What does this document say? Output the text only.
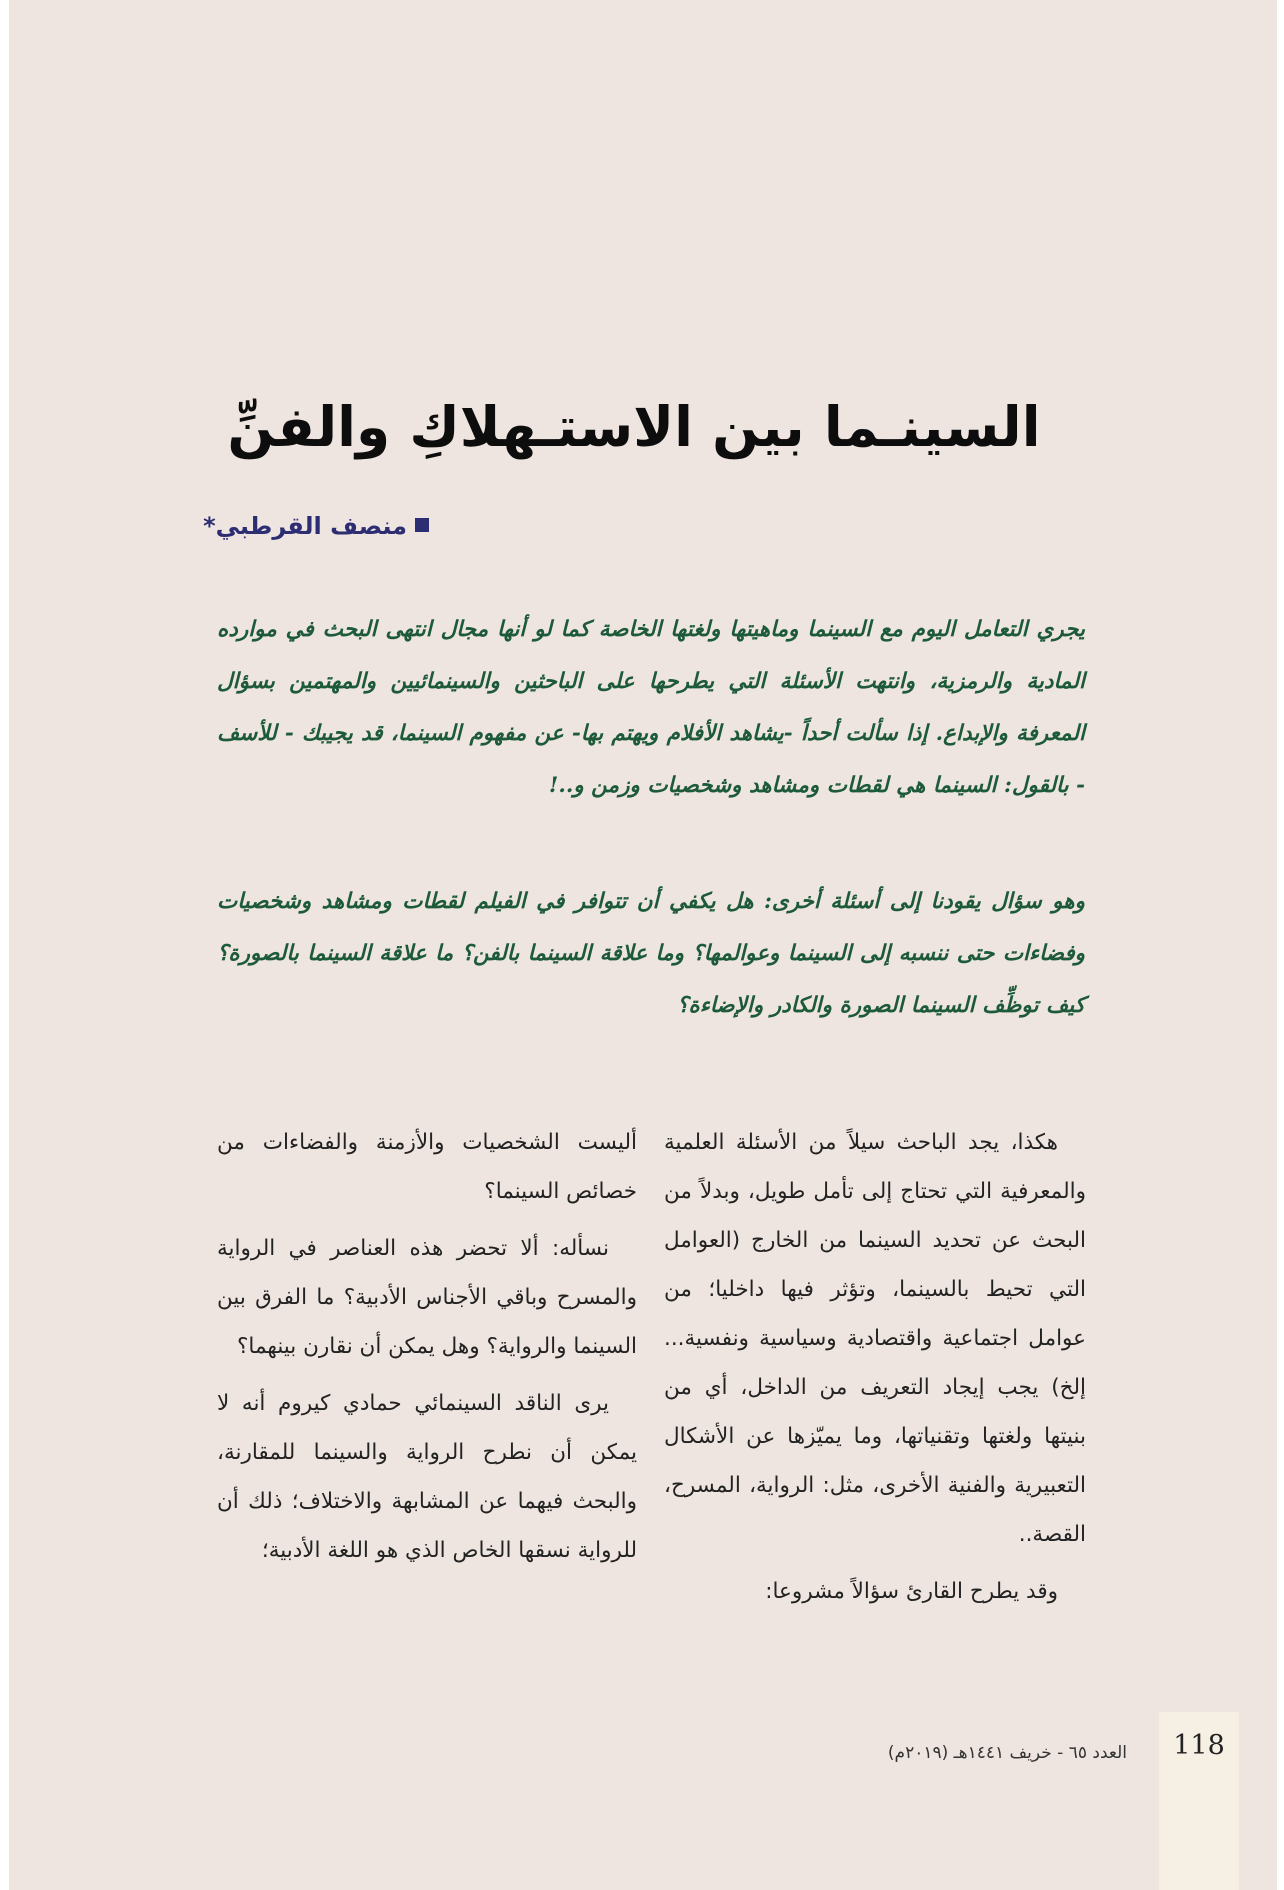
السينـما بين الاستـهلاكِ والفنِّ
منصف القرطبي*

يجري التعامل اليوم مع السينما وماهيتها ولغتها الخاصة كما لو أنها مجال انتهى البحث في موارده المادية والرمزية، وانتهت الأسئلة التي يطرحها على الباحثين والسينمائيين والمهتمين بسؤال المعرفة والإبداع. إذا سألت أحداً -يشاهد الأفلام ويهتم بها- عن مفهوم السينما، قد يجيبك - للأسف - بالقول: السينما هي لقطات ومشاهد وشخصيات وزمن و..!

وهو سؤال يقودنا إلى أسئلة أخرى: هل يكفي أن تتوافر في الفيلم لقطات ومشاهد وشخصيات وفضاءات حتى ننسبه إلى السينما وعوالمها؟ وما علاقة السينما بالفن؟ ما علاقة السينما بالصورة؟ كيف توظِّف السينما الصورة والكادر والإضاءة؟

هكذا، يجد الباحث سيلاً من الأسئلة العلمية والمعرفية التي تحتاج إلى تأمل طويل، وبدلاً من البحث عن تحديد السينما من الخارج (العوامل التي تحيط بالسينما، وتؤثر فيها داخليا؛ من عوامل اجتماعية واقتصادية وسياسية ونفسية... إلخ) يجب إيجاد التعريف من الداخل، أي من بنيتها ولغتها وتقنياتها، وما يميّزها عن الأشكال التعبيرية والفنية الأخرى، مثل: الرواية، المسرح، القصة..

وقد يطرح القارئ سؤالاً مشروعا:

أليست الشخصيات والأزمنة والفضاءات من خصائص السينما؟

نسأله: ألا تحضر هذه العناصر في الرواية والمسرح وباقي الأجناس الأدبية؟ ما الفرق بين السينما والرواية؟ وهل يمكن أن نقارن بينهما؟

يرى الناقد السينمائي حمادي كيروم أنه لا يمكن أن نطرح الرواية والسينما للمقارنة، والبحث فيهما عن المشابهة والاختلاف؛ ذلك أن للرواية نسقها الخاص الذي هو اللغة الأدبية؛

118
العدد ٦٥ - خريف ١٤٤١هـ (٢٠١٩م)
